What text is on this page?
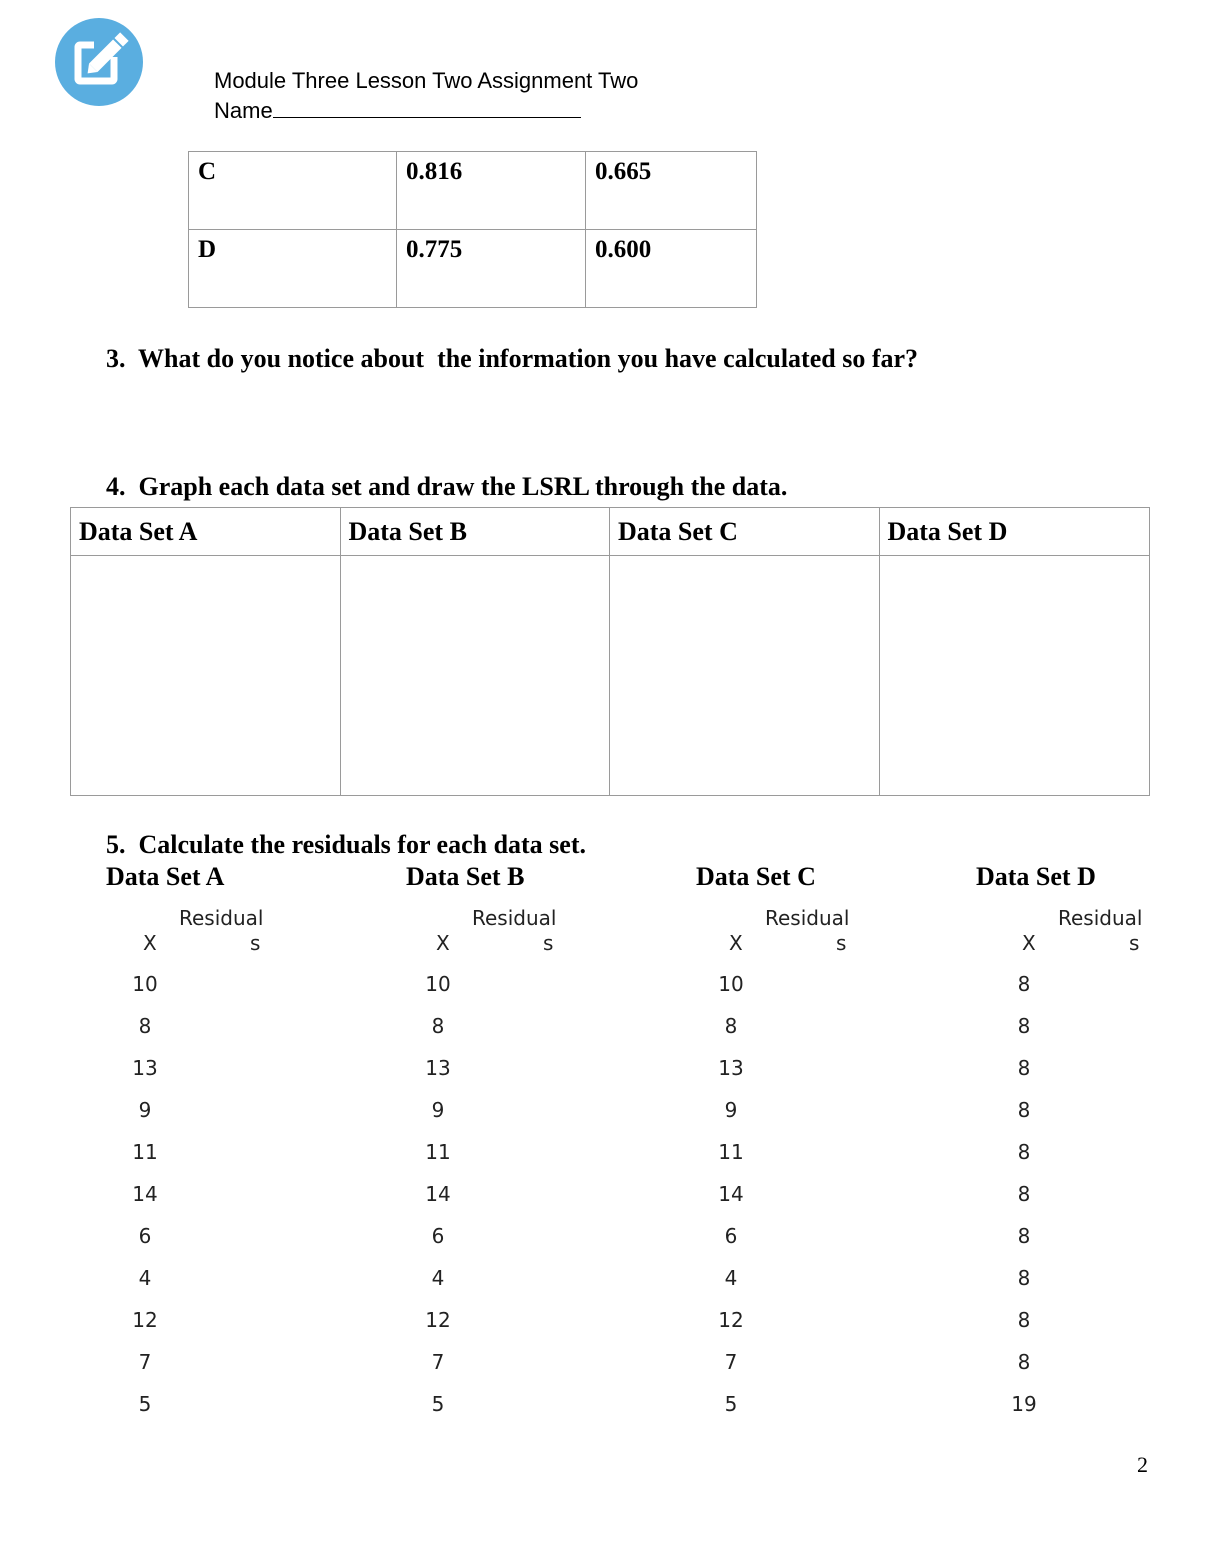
Module Three Lesson Two Assignment Two
Name
C	0.816	0.665
D	0.775	0.600
3.  What do you notice about  the information you have calculated so far?
4.  Graph each data set and draw the LSRL through the data.
Data Set A	Data Set B	Data Set C	Data Set D
5.  Calculate the residuals for each data set.
Data Set A
Residual
X	s
10
8
13
9
11
14
6
4
12
7
5
Data Set B
Residual
X	s
10
8
13
9
11
14
6
4
12
7
5
Data Set C
Residual
X	s
10
8
13
9
11
14
6
4
12
7
5
Data Set D
Residual
X	s
8
8
8
8
8
8
8
8
8
8
19
2
